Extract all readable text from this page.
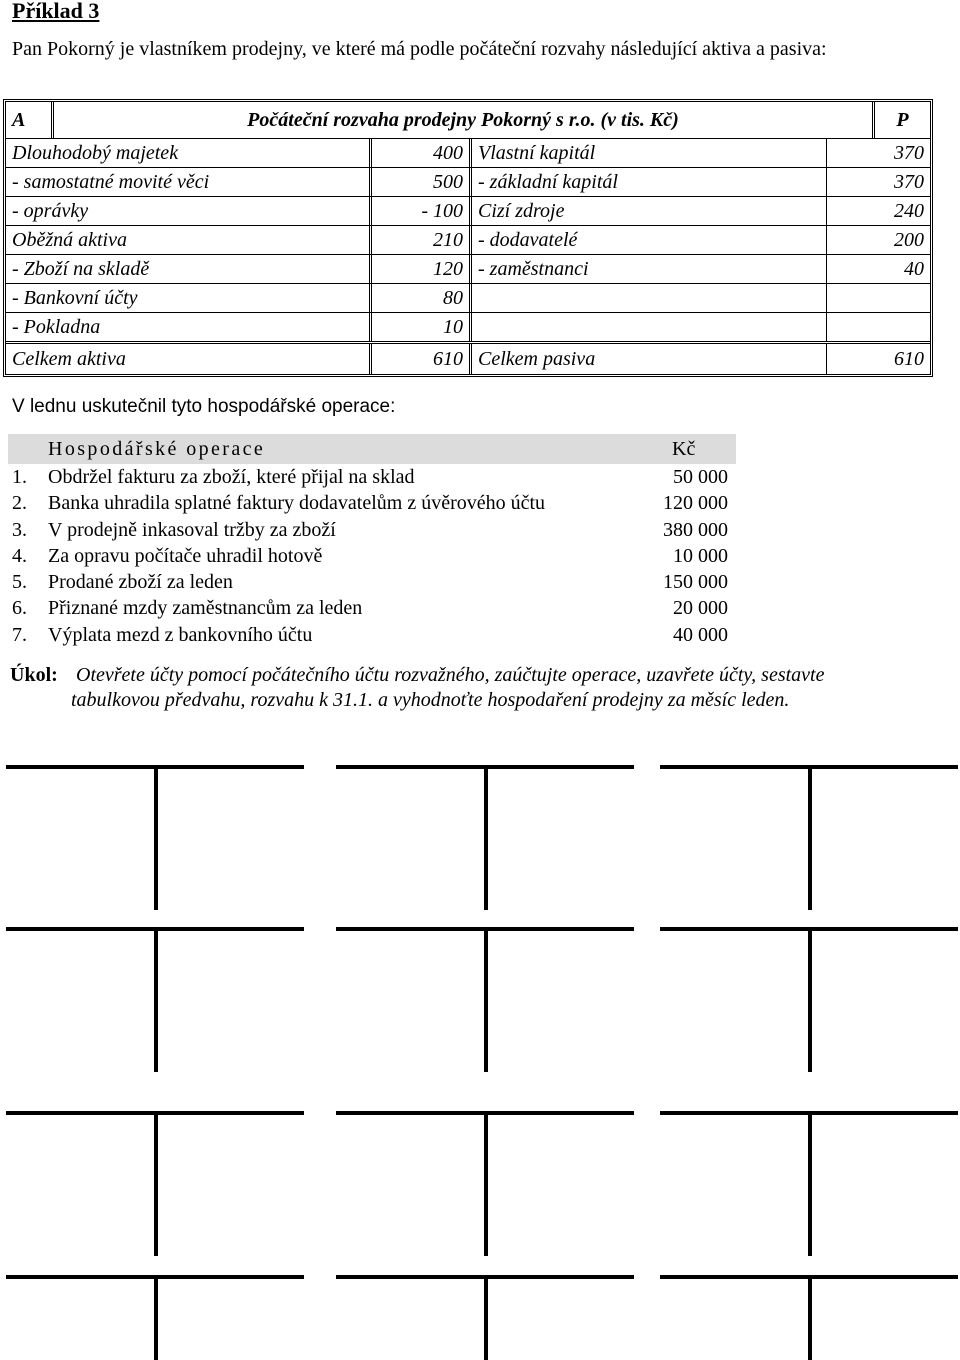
Příklad 3
Pan Pokorný je vlastníkem prodejny, ve které má podle počáteční rozvahy následující aktiva a pasiva:
A	Počáteční rozvaha prodejny Pokorný s r.o. (v tis. Kč)	P
Dlouhodobý majetek	400 Vlastní kapitál	370
- samostatné movité věci	500 - základní kapitál	370
- oprávky	- 100 Cizí zdroje	240
Oběžná aktiva	210 - dodavatelé	200
- Zboží na skladě	120 - zaměstnanci	40
- Bankovní účty	80
- Pokladna	10
Celkem aktiva	610 Celkem pasiva	610
V lednu uskutečnil tyto hospodářské operace:
Hospodářské operace	Kč
1. Obdržel fakturu za zboží, které přijal na sklad	50 000
2. Banka uhradila splatné faktury dodavatelům z úvěrového účtu	120 000
3. V prodejně inkasoval tržby za zboží	380 000
4. Za opravu počítače uhradil hotově	10 000
5. Prodané zboží za leden	150 000
6. Přiznané mzdy zaměstnancům za leden	20 000
7. Výplata mezd z bankovního účtu	40 000
Úkol: Otevřete účty pomocí počátečního účtu rozvažného, zaúčtujte operace, uzavřete účty, sestavte
tabulkovou předvahu, rozvahu k 31.1. a vyhodnoťte hospodaření prodejny za měsíc leden.
